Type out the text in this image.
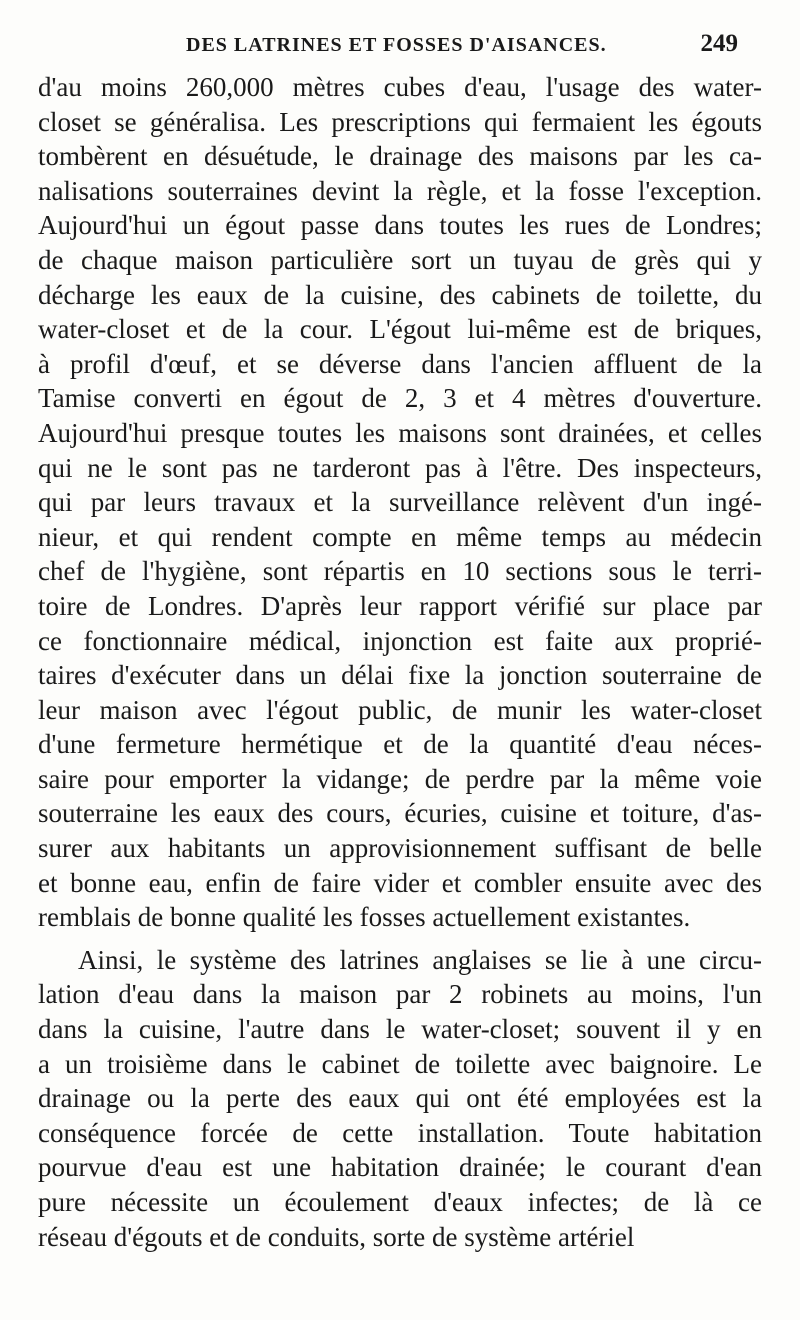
DES LATRINES ET FOSSES D'AISANCES.	249
d'au moins 260,000 mètres cubes d'eau, l'usage des water-
closet se généralisa. Les prescriptions qui fermaient les égouts
tombèrent en désuétude, le drainage des maisons par les ca-
nalisations souterraines devint la règle, et la fosse l'exception.
Aujourd'hui un égout passe dans toutes les rues de Londres;
de chaque maison particulière sort un tuyau de grès qui y
décharge les eaux de la cuisine, des cabinets de toilette, du
water-closet et de la cour. L'égout lui-même est de briques,
à profil d'œuf, et se déverse dans l'ancien affluent de la
Tamise converti en égout de 2, 3 et 4 mètres d'ouverture.
Aujourd'hui presque toutes les maisons sont drainées, et celles
qui ne le sont pas ne tarderont pas à l'être. Des inspecteurs,
qui par leurs travaux et la surveillance relèvent d'un ingé-
nieur, et qui rendent compte en même temps au médecin
chef de l'hygiène, sont répartis en 10 sections sous le terri-
toire de Londres. D'après leur rapport vérifié sur place par
ce fonctionnaire médical, injonction est faite aux proprié-
taires d'exécuter dans un délai fixe la jonction souterraine de
leur maison avec l'égout public, de munir les water-closet
d'une fermeture hermétique et de la quantité d'eau néces-
saire pour emporter la vidange; de perdre par la même voie
souterraine les eaux des cours, écuries, cuisine et toiture, d'as-
surer aux habitants un approvisionnement suffisant de belle
et bonne eau, enfin de faire vider et combler ensuite avec des
remblais de bonne qualité les fosses actuellement existantes.
Ainsi, le système des latrines anglaises se lie à une circu-
lation d'eau dans la maison par 2 robinets au moins, l'un
dans la cuisine, l'autre dans le water-closet; souvent il y en
a un troisième dans le cabinet de toilette avec baignoire. Le
drainage ou la perte des eaux qui ont été employées est la
conséquence forcée de cette installation. Toute habitation
pourvue d'eau est une habitation drainée; le courant d'ean
pure nécessite un écoulement d'eaux infectes; de là ce
réseau d'égouts et de conduits, sorte de système artériel
